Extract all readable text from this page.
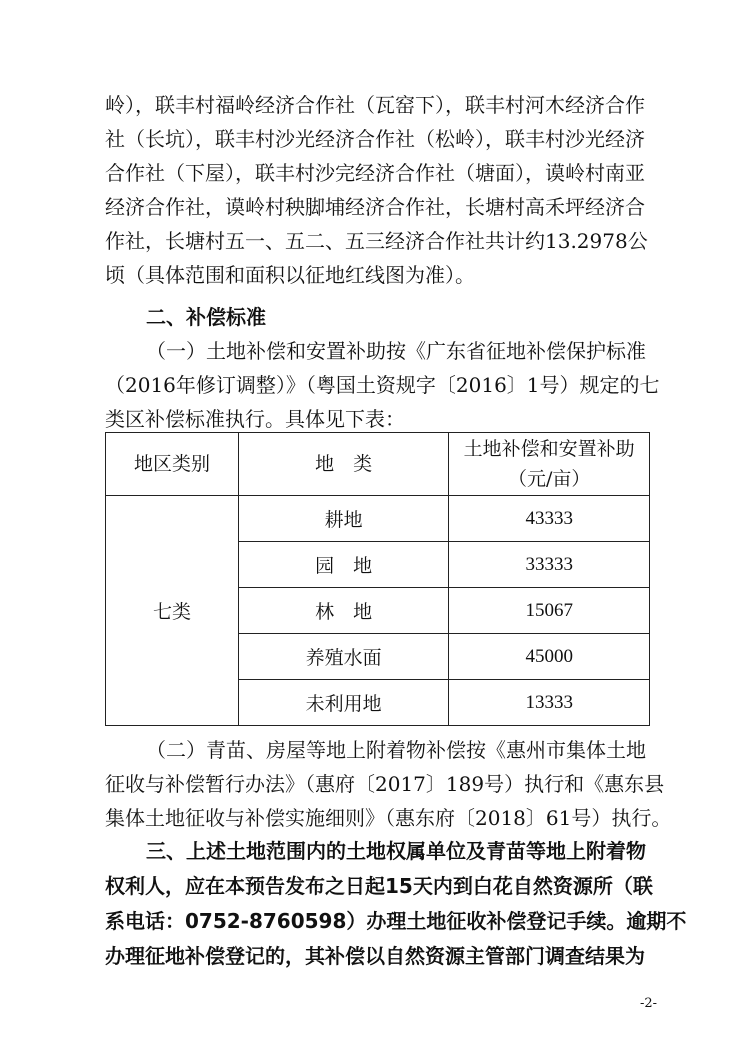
岭），联丰村福岭经济合作社（瓦窑下），联丰村河木经济合作
社（长坑），联丰村沙光经济合作社（松岭），联丰村沙光经济
合作社（下屋），联丰村沙完经济合作社（塘面），谟岭村南亚
经济合作社，谟岭村秧脚埔经济合作社，长塘村高禾坪经济合
作社，长塘村五一、五二、五三经济合作社共计约13.2978公
顷（具体范围和面积以征地红线图为准）。

二、补偿标准

（一）土地补偿和安置补助按《广东省征地补偿保护标准
（2016年修订调整）》（粤国土资规字〔2016〕1号）规定的七
类区补偿标准执行。具体见下表：

地区类别	地　类	土地补偿和安置补助
（元/亩）
七类	耕地	43333
	园　地	33333
	林　地	15067
	养殖水面	45000
	未利用地	13333

（二）青苗、房屋等地上附着物补偿按《惠州市集体土地
征收与补偿暂行办法》（惠府〔2017〕189号）执行和《惠东县
集体土地征收与补偿实施细则》（惠东府〔2018〕61号）执行。

三、上述土地范围内的土地权属单位及青苗等地上附着物
权利人，应在本预告发布之日起15天内到白花自然资源所（联
系电话：0752-8760598）办理土地征收补偿登记手续。逾期不
办理征地补偿登记的，其补偿以自然资源主管部门调查结果为

-2-
